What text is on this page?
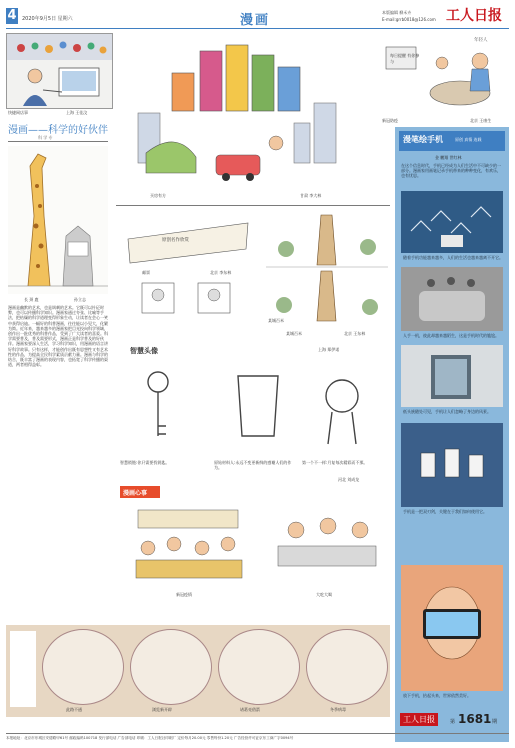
4 2020年9月5日 星期六	漫画
本版编辑 柳禾卉
E-mail:grrb0018@126.com 工人日报
快捷网店事	上海 王佳汶
漫画——科学的好伙伴
科 学 专
长 颈 鹿	孙立志
漫画是幽默的艺术，也是讽刺的艺术。它既可以针砭时弊，也可以传播科学知识。漫画家通过夸张、比喻等手法，把枯燥的科学道理变得形象生动，让读者在会心一笑中获得启迪。一幅好的科普漫画，往往能以小见大，化繁为简。近年来，越来越多的漫画家把目光投向科学领域，创作出一批优秀的科普作品，受到了广大读者的喜爱。科学需要普及，普及需要形式，漫画正是科学普及的好伙伴。漫画家要深入生活，学习科学知识，用漫画的语言讲好科学故事。只有这样，才能创作出既有思想性又有艺术性的作品，为提高全民科学素质贡献力量。漫画与科学的结合，既丰富了漫画的表现内容，也拓宽了科学传播的渠道，两者相得益彰。
买房有方	甘肃 李大林
年轻人
每日提醒 有你参与
新冠防疫	北京 王康生
漫笔绘手机	原创 真情 连载
金 鹏翔 世红林
在这个信息时代，手机已经成为人们生活中不可缺少的一部分。漫画家用画笔记录手机带来的种种变化，有欢乐，也有忧思。
随着手机功能越来越多，人们的生活也越来越离不开它。
人手一机，彼此却越来越陌生，这是手机时代的尴尬。
低头族随处可见，手机让人们忽略了身边的风景。
手机是一把双刃剑，关键在于我们如何使用它。
放下手机，抬起头来，世界依然美好。
原创名作欣赏
邮票	北京 李东林
某城百米
某城百米	北京 王东林
智慧头像	上海 郑伊诺
智慧锁链:你只需要找钥匙。	原始材料人:永远不变更新鲜的感谢人们的作为。
第一个不一样:月复每次精彩而不那。
河北 刘成龙
漫画心事
新冠疫情	大吃大喝
此路不通	浏览新开辟	诸葛亮借箭	冬季病毒
工人日报	第 1681 期
本报地址：北京市东城区安德路甲61号 邮政编码100718 发行部电话 广告部电话 印刷：工人日报社印刷厂 定价每月20.00元 零售每份1.20元 广告经营许可证京东工商广字0094号
